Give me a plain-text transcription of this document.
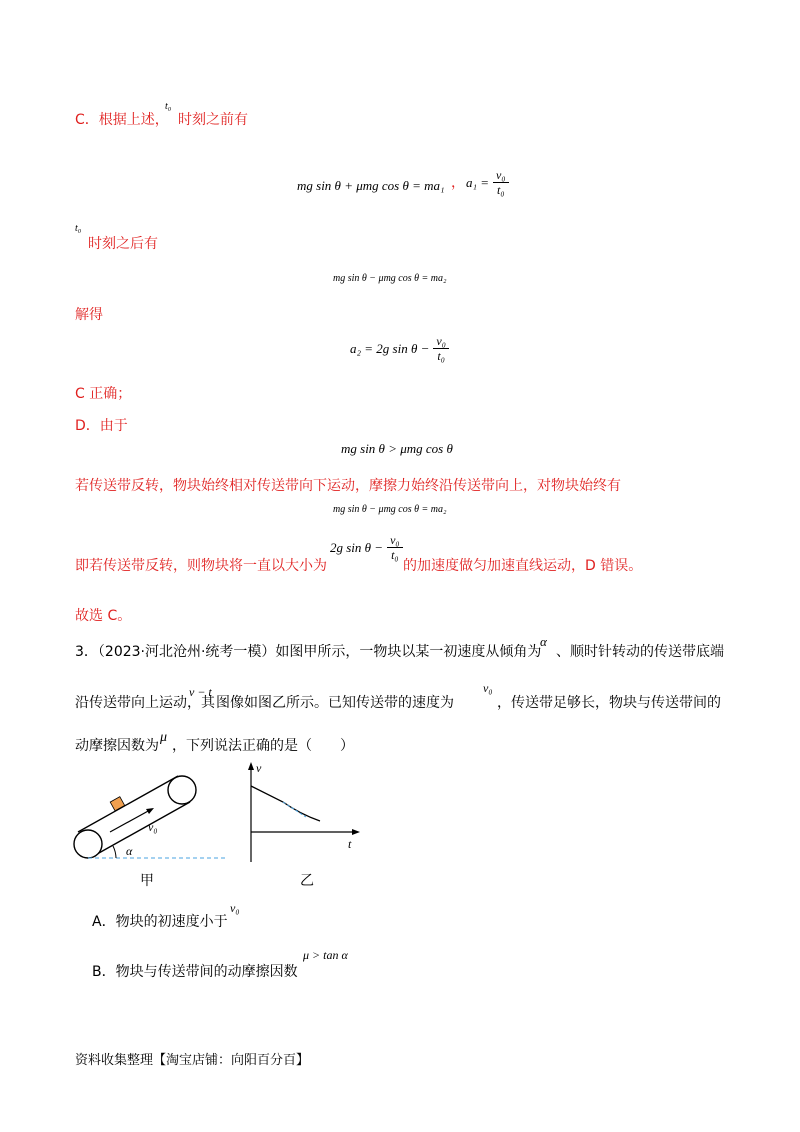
C．根据上述，
t₀
时刻之前有
mg sin θ + μmg cos θ = ma₁ ， $a_1 = \frac{\text{v₀}}{\text{t₀}}$
t₀
时刻之后有
mg sin θ − μmg cos θ = ma₂
解得
a₂ = 2g $\sin \theta - \frac{\text{v₀}}{\text{t₀}}$
C 正确；
D．由于
mg sin θ > μmg cos θ
若传送带反转，物块始终相对传送带向下运动，摩擦力始终沿传送带向上，对物块始终有
mg sin θ − μmg cos θ = ma₂
即若传送带反转，则物块将一直以大小为
2g $\sin \theta - \frac{\text{v₀}}{\text{t₀}}$
的加速度做匀加速直线运动，D 错误。
故选 C。
3．（2023·河北沧州·统考一模）如图甲所示，一物块以某一初速度从倾角为
α
、顺时针转动的传送带底端
沿传送带向上运动，其
v − t
图像如图乙所示。已知传送带的速度为
v₀
，传送带足够长，物块与传送带间的
动摩擦因数为
μ
，下列说法正确的是（　　）
v₀
α
甲
v
t
乙
A．物块的初速度小于
v₀
B．物块与传送带间的动摩擦因数
μ > tan α
资料收集整理【淘宝店铺：向阳百分百】
